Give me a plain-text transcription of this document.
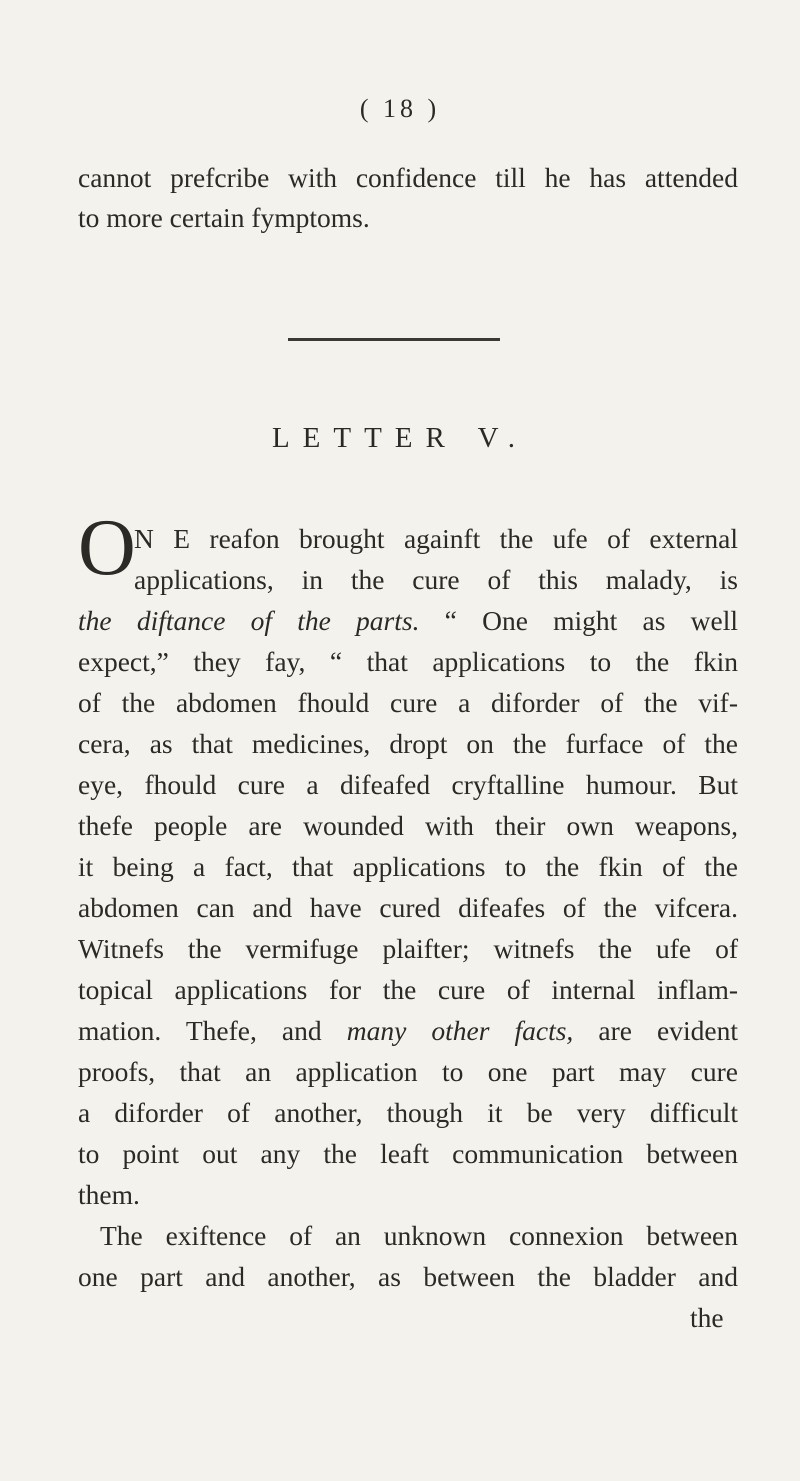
( 18 )
cannot prefcribe with confidence till he has attended
to more certain fymptoms.
LETTER V.
O
N E reafon brought againft the ufe of external
applications, in the cure of this malady, is
the diftance of the parts. “ One might as well
expect,” they fay, “ that applications to the fkin
of the abdomen fhould cure a diforder of the vif-
cera, as that medicines, dropt on the furface of the
eye, fhould cure a difeafed cryftalline humour. But
thefe people are wounded with their own weapons,
it being a fact, that applications to the fkin of the
abdomen can and have cured difeafes of the vifcera.
Witnefs the vermifuge plaifter; witnefs the ufe of
topical applications for the cure of internal inflam-
mation. Thefe, and many other facts, are evident
proofs, that an application to one part may cure
a diforder of another, though it be very difficult
to point out any the leaft communication between
them.
The exiftence of an unknown connexion between
one part and another, as between the bladder and
the
